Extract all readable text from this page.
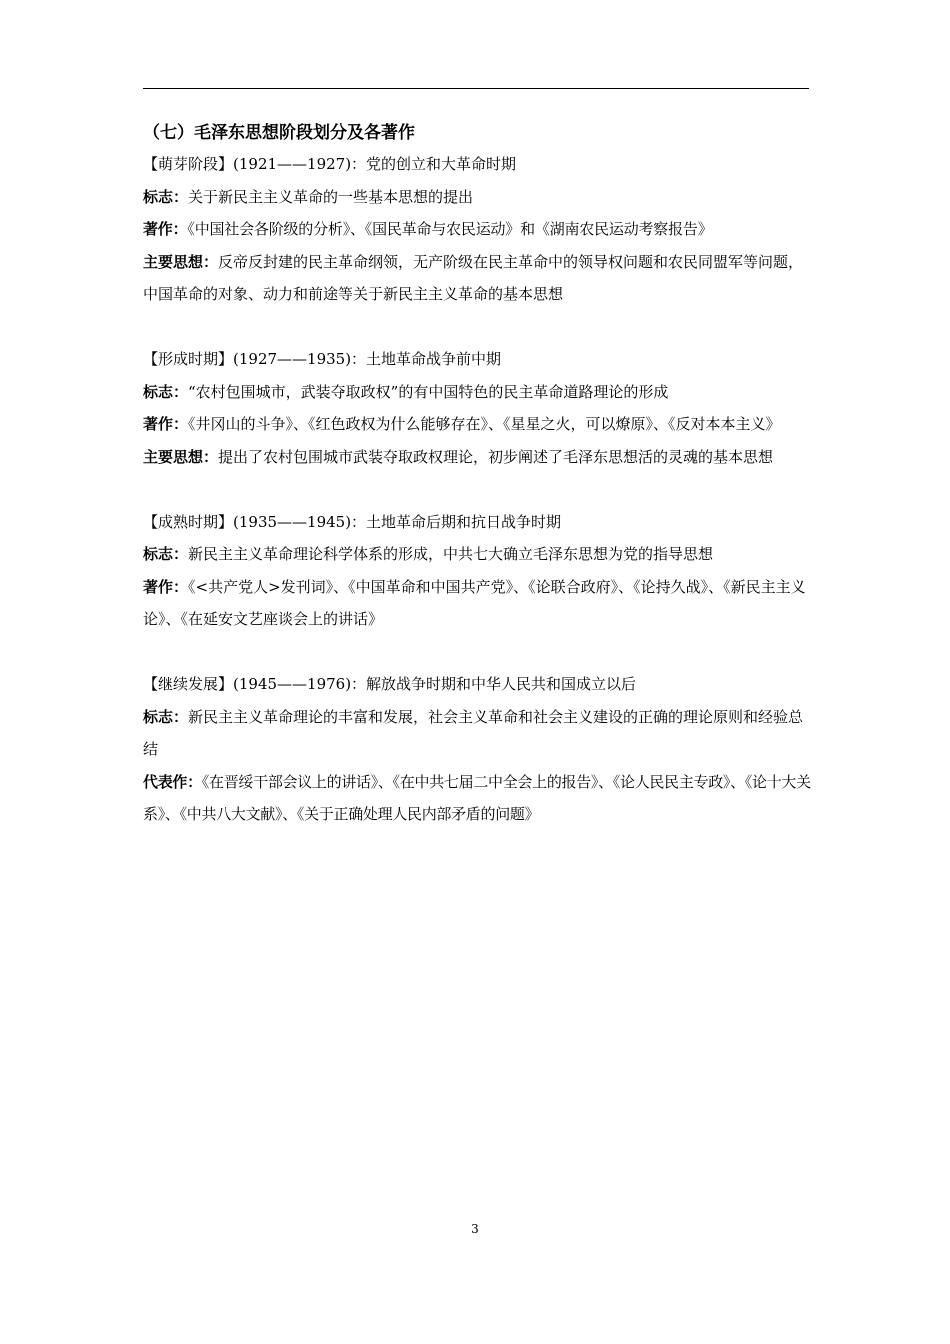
（七）毛泽东思想阶段划分及各著作
【萌芽阶段】(1921——1927)：党的创立和大革命时期
标志：关于新民主主义革命的一些基本思想的提出
著作：《中国社会各阶级的分析》、《国民革命与农民运动》和《湖南农民运动考察报告》
主要思想：反帝反封建的民主革命纲领，无产阶级在民主革命中的领导权问题和农民同盟军等问题，中国革命的对象、动力和前途等关于新民主主义革命的基本思想
【形成时期】(1927——1935)：土地革命战争前中期
标志：“农村包围城市，武装夺取政权”的有中国特色的民主革命道路理论的形成
著作：《井冈山的斗争》、《红色政权为什么能够存在》、《星星之火，可以燎原》、《反对本本主义》
主要思想：提出了农村包围城市武装夺取政权理论，初步阐述了毛泽东思想活的灵魂的基本思想
【成熟时期】(1935——1945)：土地革命后期和抗日战争时期
标志：新民主主义革命理论科学体系的形成，中共七大确立毛泽东思想为党的指导思想
著作：《<共产党人>发刊词》、《中国革命和中国共产党》、《论联合政府》、《论持久战》、《新民主主义论》、《在延安文艺座谈会上的讲话》
【继续发展】(1945——1976)：解放战争时期和中华人民共和国成立以后
标志：新民主主义革命理论的丰富和发展，社会主义革命和社会主义建设的正确的理论原则和经验总结
代表作：《在晋绥干部会议上的讲话》、《在中共七届二中全会上的报告》、《论人民民主专政》、《论十大关系》、《中共八大文献》、《关于正确处理人民内部矛盾的问题》
3
